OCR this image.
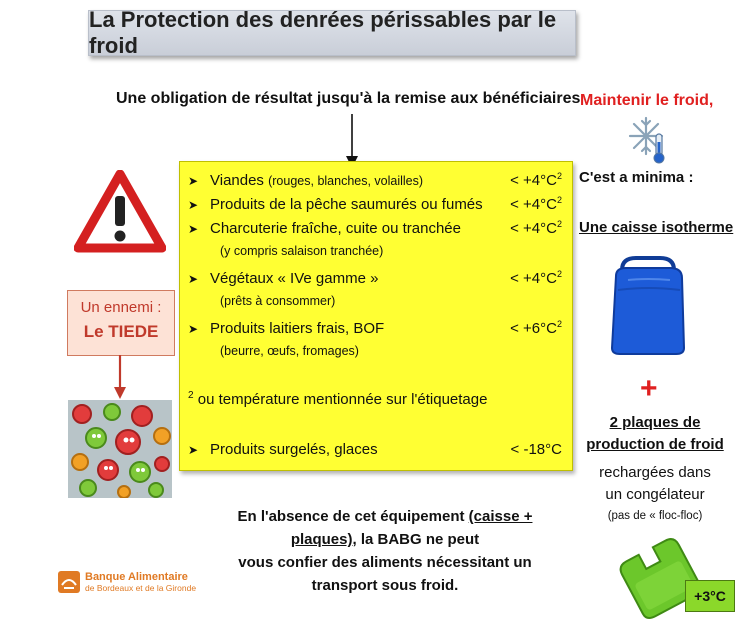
La Protection des denrées périssables par le froid
Une obligation de résultat jusqu'à la remise aux bénéficiaires
Un ennemi :
Le TIEDE
➤ Viandes (rouges, blanches, volailles)	< $+4^\circ C^2$
➤ Produits de la pêche saumurés ou fumés	< $+4^\circ C^2$
➤ Charcuterie fraîche, cuite ou tranchée	< $+4^\circ C^2$
(y compris salaison tranchée)
➤ Végétaux « IVe gamme »	< $+4^\circ C^2$
(prêts à consommer)
➤ Produits laitiers frais, BOF	< $+6^\circ C^2$
(beurre, œufs, fromages)
$^2$ ou température mentionnée sur l'étiquetage
➤ Produits surgelés, glaces	< -18°C
Maintenir le froid,
C'est a minima :
Une caisse isotherme
+
2 plaques de
production de froid
rechargées dans
un congélateur
(pas de « floc-floc)
+3°C
En l'absence de cet équipement (caisse +
plaques), la BABG ne peut
vous confier des aliments nécessitant un
transport sous froid.
Banque Alimentaire
de Bordeaux et de la Gironde
